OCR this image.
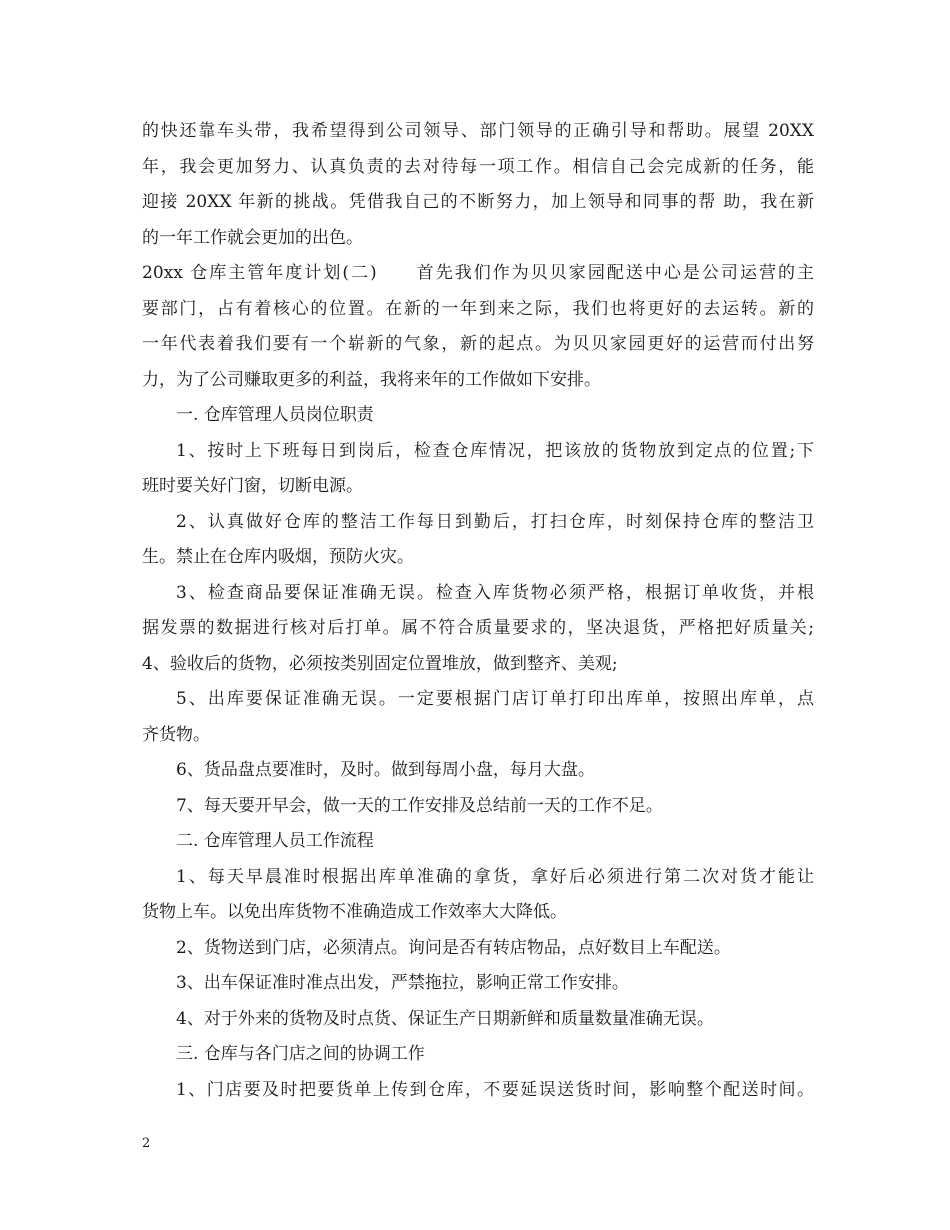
的快还靠车头带，我希望得到公司领导、部门领导的正确引导和帮助。展望 20XX
年，我会更加努力、认真负责的去对待每一项工作。相信自己会完成新的任务，能
迎接 20XX 年新的挑战。凭借我自己的不断努力，加上领导和同事的帮 助，我在新
的一年工作就会更加的出色。
20xx 仓库主管年度计划(二)　　首先我们作为贝贝家园配送中心是公司运营的主
要部门，占有着核心的位置。在新的一年到来之际，我们也将更好的去运转。新的
一年代表着我们要有一个崭新的气象，新的起点。为贝贝家园更好的运营而付出努
力，为了公司赚取更多的利益，我将来年的工作做如下安排。
一. 仓库管理人员岗位职责
1、按时上下班每日到岗后，检查仓库情况，把该放的货物放到定点的位置;下
班时要关好门窗，切断电源。
2、认真做好仓库的整洁工作每日到勤后，打扫仓库，时刻保持仓库的整洁卫
生。禁止在仓库内吸烟，预防火灾。
3、检查商品要保证准确无误。检查入库货物必须严格，根据订单收货，并根
据发票的数据进行核对后打单。属不符合质量要求的，坚决退货，严格把好质量关;
4、验收后的货物，必须按类别固定位置堆放，做到整齐、美观;
5、出库要保证准确无误。一定要根据门店订单打印出库单，按照出库单，点
齐货物。
6、货品盘点要准时，及时。做到每周小盘，每月大盘。
7、每天要开早会，做一天的工作安排及总结前一天的工作不足。
二. 仓库管理人员工作流程
1、每天早晨准时根据出库单准确的拿货，拿好后必须进行第二次对货才能让
货物上车。以免出库货物不准确造成工作效率大大降低。
2、货物送到门店，必须清点。询问是否有转店物品，点好数目上车配送。
3、出车保证准时准点出发，严禁拖拉，影响正常工作安排。
4、对于外来的货物及时点货、保证生产日期新鲜和质量数量准确无误。
三. 仓库与各门店之间的协调工作
1、门店要及时把要货单上传到仓库，不要延误送货时间，影响整个配送时间。
2
